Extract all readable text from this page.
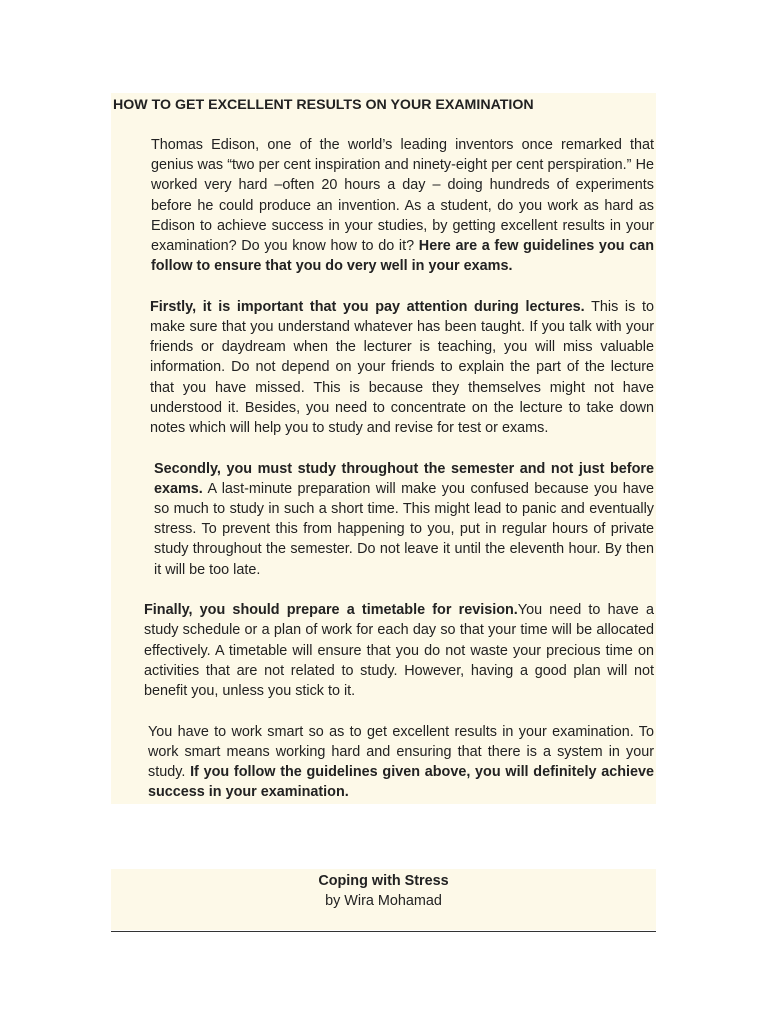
HOW TO GET EXCELLENT RESULTS ON YOUR EXAMINATION

Thomas Edison, one of the world’s leading inventors once remarked that genius was “two per cent inspiration and ninety-eight per cent perspiration.” He worked very hard –often 20 hours a day – doing hundreds of experiments before he could produce an invention. As a student, do you work as hard as Edison to achieve success in your studies, by getting excellent results in your examination? Do you know how to do it? Here are a few guidelines you can follow to ensure that you do very well in your exams.

Firstly, it is important that you pay attention during lectures. This is to make sure that you understand whatever has been taught. If you talk with your friends or daydream when the lecturer is teaching, you will miss valuable information. Do not depend on your friends to explain the part of the lecture that you have missed. This is because they themselves might not have understood it. Besides, you need to concentrate on the lecture to take down notes which will help you to study and revise for test or exams.

Secondly, you must study throughout the semester and not just before exams. A last-minute preparation will make you confused because you have so much to study in such a short time. This might lead to panic and eventually stress. To prevent this from happening to you, put in regular hours of private study throughout the semester. Do not leave it until the eleventh hour. By then it will be too late.

Finally, you should prepare a timetable for revision.You need to have a study schedule or a plan of work for each day so that your time will be allocated effectively. A timetable will ensure that you do not waste your precious time on activities that are not related to study. However, having a good plan will not benefit you, unless you stick to it.

You have to work smart so as to get excellent results in your examination. To work smart means working hard and ensuring that there is a system in your study. If you follow the guidelines given above, you will definitely achieve success in your examination.

Coping with Stress
by Wira Mohamad
